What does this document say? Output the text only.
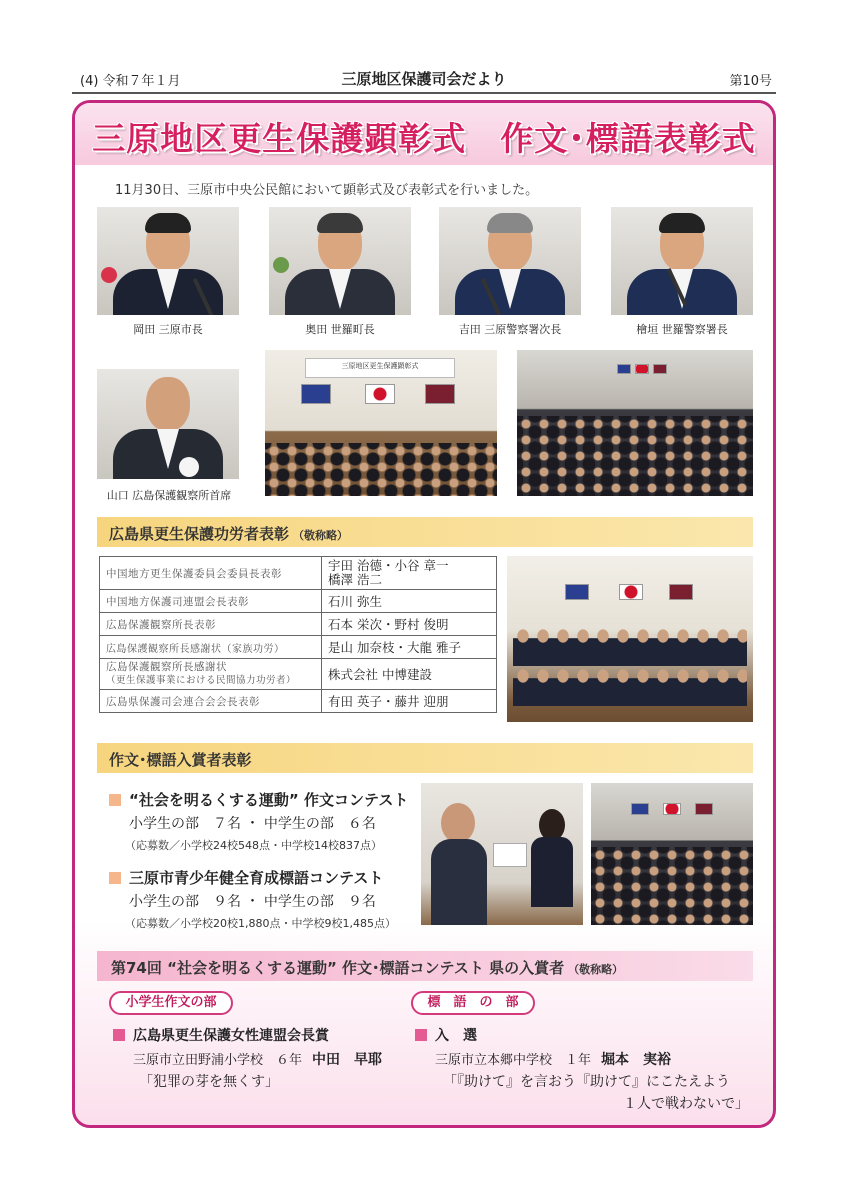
(4) 令和７年１月	三原地区保護司会だより	第10号
三原地区更生保護顕彰式　作文･標語表彰式
11月30日、三原市中央公民館において顕彰式及び表彰式を行いました。
岡田 三原市長	奥田 世羅町長	吉田 三原警察署次長	檜垣 世羅警察署長
山口 広島保護観察所首席
三原地区更生保護顕彰式
広島県更生保護功労者表彰 （敬称略）
中国地方更生保護委員会委員長表彰	宇田 治德・小谷 章一
橋澤 浩二

中国地方保護司連盟会長表彰	石川 弥生
広島保護観察所長表彰	石本 栄次・野村 俊明
広島保護観察所長感謝状（家族功労）	是山 加奈枝・大龍 雅子

広島保護観察所長感謝状
（更生保護事業における民間協力功労者）	株式会社 中博建設
広島県保護司会連合会会長表彰	有田 英子・藤井 迎朋
作文･標語入賞者表彰
“社会を明るくする運動” 作文コンテスト
小学生の部　７名 ・ 中学生の部　６名
（応募数／小学校24校548点・中学校14校837点）
三原市青少年健全育成標語コンテスト
小学生の部　９名 ・ 中学生の部　９名
（応募数／小学校20校1,880点・中学校9校1,485点）
第74回 “社会を明るくする運動” 作文･標語コンテスト 県の入賞者 （敬称略）
小学生作文の部
広島県更生保護女性連盟会長賞
三原市立田野浦小学校　６年 中田　早耶
「犯罪の芽を無くす」
標　語　の　部
入　選
三原市立本郷中学校　１年 堀本　実裕
「『助けて』を言おう『助けて』にこたえよう
１人で戦わないで」
